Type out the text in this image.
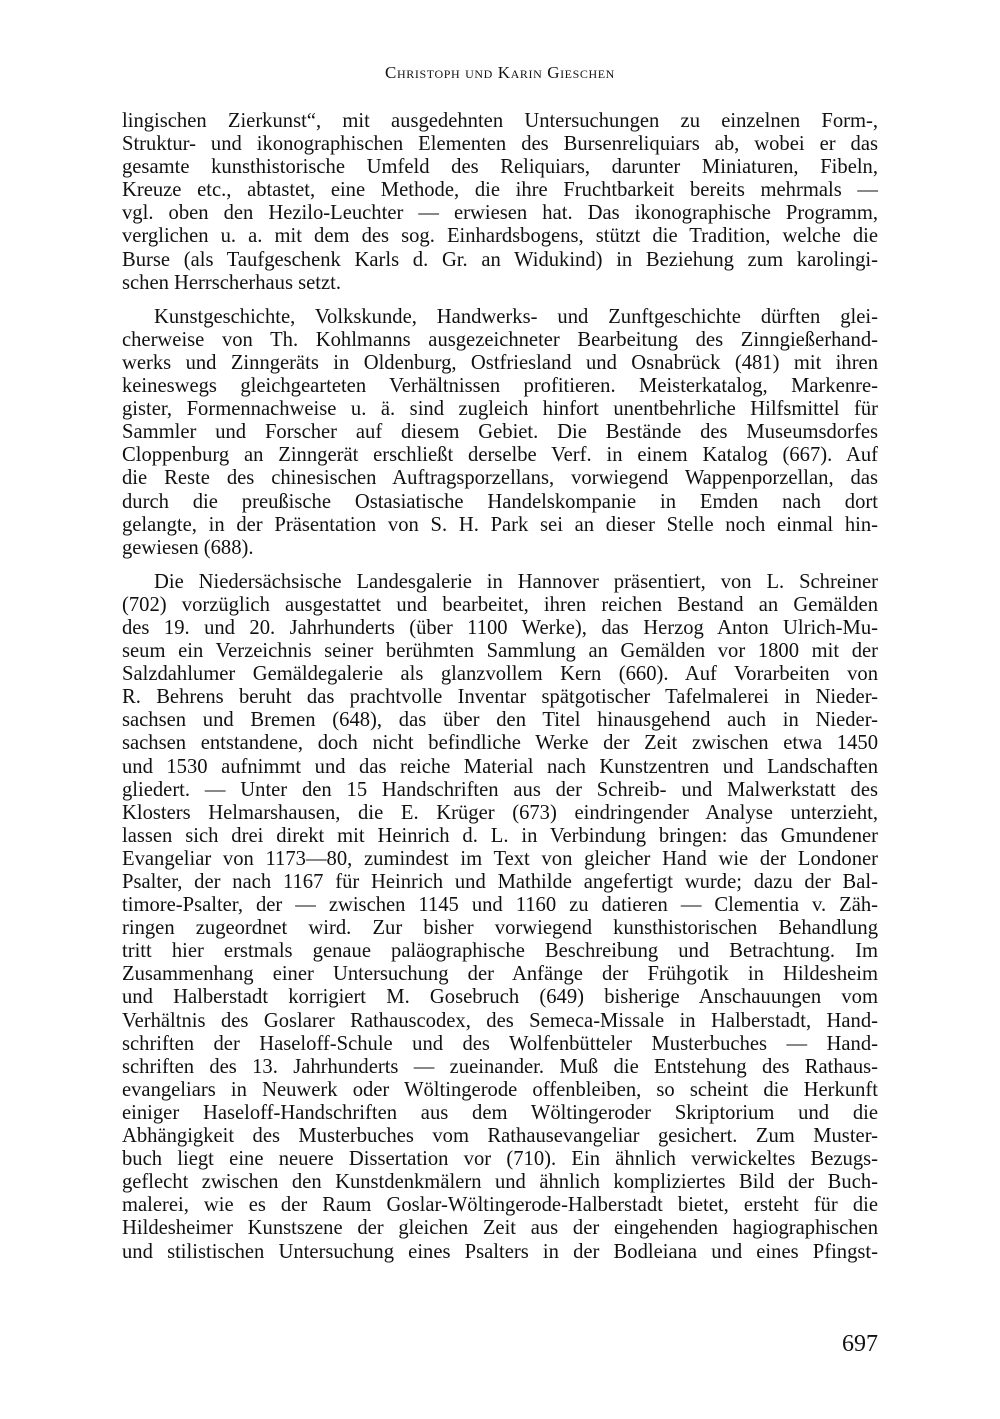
Christoph und Karin Gieschen
lingischen Zierkunst“, mit ausgedehnten Untersuchungen zu einzelnen Form-,
Struktur- und ikonographischen Elementen des Bursenreliquiars ab, wobei er das
gesamte kunsthistorische Umfeld des Reliquiars, darunter Miniaturen, Fibeln,
Kreuze etc., abtastet, eine Methode, die ihre Fruchtbarkeit bereits mehrmals —
vgl. oben den Hezilo-Leuchter — erwiesen hat. Das ikonographische Programm,
verglichen u. a. mit dem des sog. Einhardsbogens, stützt die Tradition, welche die
Burse (als Taufgeschenk Karls d. Gr. an Widukind) in Beziehung zum karolingi-
schen Herrscherhaus setzt.
Kunstgeschichte, Volkskunde, Handwerks- und Zunftgeschichte dürften glei-
cherweise von Th. Kohlmanns ausgezeichneter Bearbeitung des Zinngießerhand-
werks und Zinngeräts in Oldenburg, Ostfriesland und Osnabrück (481) mit ihren
keineswegs gleichgearteten Verhältnissen profitieren. Meisterkatalog, Markenre-
gister, Formennachweise u. ä. sind zugleich hinfort unentbehrliche Hilfsmittel für
Sammler und Forscher auf diesem Gebiet. Die Bestände des Museumsdorfes
Cloppenburg an Zinngerät erschließt derselbe Verf. in einem Katalog (667). Auf
die Reste des chinesischen Auftragsporzellans, vorwiegend Wappenporzellan, das
durch die preußische Ostasiatische Handelskompanie in Emden nach dort
gelangte, in der Präsentation von S. H. Park sei an dieser Stelle noch einmal hin-
gewiesen (688).
Die Niedersächsische Landesgalerie in Hannover präsentiert, von L. Schreiner
(702) vorzüglich ausgestattet und bearbeitet, ihren reichen Bestand an Gemälden
des 19. und 20. Jahrhunderts (über 1100 Werke), das Herzog Anton Ulrich-Mu-
seum ein Verzeichnis seiner berühmten Sammlung an Gemälden vor 1800 mit der
Salzdahlumer Gemäldegalerie als glanzvollem Kern (660). Auf Vorarbeiten von
R. Behrens beruht das prachtvolle Inventar spätgotischer Tafelmalerei in Nieder-
sachsen und Bremen (648), das über den Titel hinausgehend auch in Nieder-
sachsen entstandene, doch nicht befindliche Werke der Zeit zwischen etwa 1450
und 1530 aufnimmt und das reiche Material nach Kunstzentren und Landschaften
gliedert. — Unter den 15 Handschriften aus der Schreib- und Malwerkstatt des
Klosters Helmarshausen, die E. Krüger (673) eindringender Analyse unterzieht,
lassen sich drei direkt mit Heinrich d. L. in Verbindung bringen: das Gmundener
Evangeliar von 1173—80, zumindest im Text von gleicher Hand wie der Londoner
Psalter, der nach 1167 für Heinrich und Mathilde angefertigt wurde; dazu der Bal-
timore-Psalter, der — zwischen 1145 und 1160 zu datieren — Clementia v. Zäh-
ringen zugeordnet wird. Zur bisher vorwiegend kunsthistorischen Behandlung
tritt hier erstmals genaue paläographische Beschreibung und Betrachtung. Im
Zusammenhang einer Untersuchung der Anfänge der Frühgotik in Hildesheim
und Halberstadt korrigiert M. Gosebruch (649) bisherige Anschauungen vom
Verhältnis des Goslarer Rathauscodex, des Semeca-Missale in Halberstadt, Hand-
schriften der Haseloff-Schule und des Wolfenbütteler Musterbuches — Hand-
schriften des 13. Jahrhunderts — zueinander. Muß die Entstehung des Rathaus-
evangeliars in Neuwerk oder Wöltingerode offenbleiben, so scheint die Herkunft
einiger Haseloff-Handschriften aus dem Wöltingeroder Skriptorium und die
Abhängigkeit des Musterbuches vom Rathausevangeliar gesichert. Zum Muster-
buch liegt eine neuere Dissertation vor (710). Ein ähnlich verwickeltes Bezugs-
geflecht zwischen den Kunstdenkmälern und ähnlich kompliziertes Bild der Buch-
malerei, wie es der Raum Goslar-Wöltingerode-Halberstadt bietet, ersteht für die
Hildesheimer Kunstszene der gleichen Zeit aus der eingehenden hagiographischen
und stilistischen Untersuchung eines Psalters in der Bodleiana und eines Pfingst-
697
